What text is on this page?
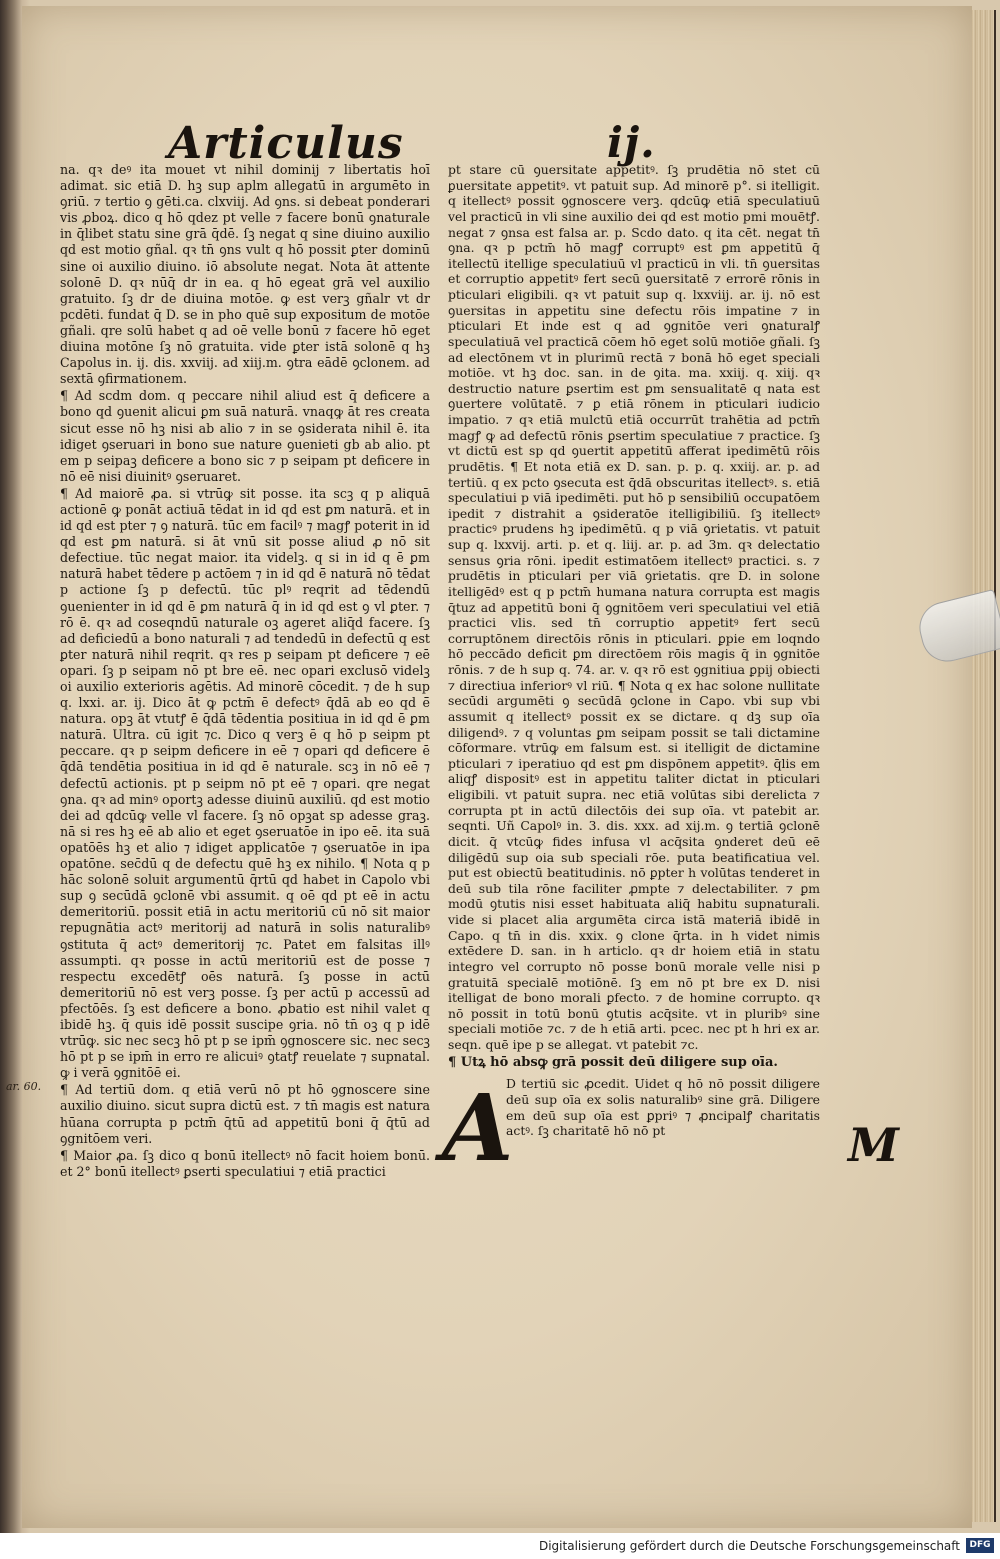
Articulus	ij.

na. qꝛ deꝰ ita mouet vt nihil dominij ⁊ libertatis hoī adimat. sic etiā D. hꝫ sup aplm allegatū in argumēto in ꝯriū. ⁊ tertio ꝯ gēti.ca. clxviij. Ad ꝯns. si debeat ponderari vis ꝓboꝝ. dico q hō qdez pt velle ⁊ facere bonū ꝯnaturale in q̄libet statu sine grā q̄dē. ſꝫ negat q sine diuino auxilio qd est motio gñal. qꝛ tn̄ ꝯns vult q hō possit ꝑter dominū sine oi auxilio diuino. iō absolute negat. Nota āt attente solonē D. qꝛ nūq̄ dr in ea. q hō egeat grā vel auxilio gratuito. ſꝫ dr de diuina motōe. ꝙ est verꝫ gñalr vt dr pcdēti. fundat q̄ D. se in pho quē sup expositum de motōe gñali. qre solū habet q ad oē velle bonū ⁊ facere hō eget diuina motōne ſꝫ nō gratuita. vide ꝑter istā solonē q hꝫ Capolus in. ij. dis. xxviij. ad xiij.m. ꝯtra eādē ꝯclonem. ad sextā ꝯfirmationem.

¶ Ad scdm dom. q peccare nihil aliud est q̄ deficere a bono qd ꝯuenit alicui ꝑm suā naturā. vnaqꝙ āt res creata sicut esse nō hꝫ nisi ab alio ⁊ in se ꝯsiderata nihil ē. ita idiget ꝯseruari in bono sue nature ꝯuenieti gb ab alio. pt em p seipaꝫ deficere a bono sic ⁊ p seipam pt deficere in nō eē nisi diuinitꝰ ꝯseruaret.

¶ Ad maiorē ꝓa. si vtrūꝙ sit posse. ita scꝫ q p aliquā actionē ꝙ ponāt actiuā tēdat in id qd est ꝑm naturā. et in id qd est pter ⁊ ꝯ naturā. tūc em facilꝰ ⁊ magꝭ poterit in id qd est ꝑm naturā. si āt vnū sit posse aliud ꝓ nō sit defectiue. tūc negat maior. ita videlꝫ. q si in id q ē ꝑm naturā habet tēdere p actōem ⁊ in id qd ē̄ naturā nō tēdat p actione ſꝫ p defectū. tūc plꝰ reqrit ad tēdendū ꝯuenienter in id qd ē ꝑm naturā q̄ in id qd est ꝯ vl ꝑter. ⁊ rō ē. qꝛ ad coseqndū naturale oꝫ ageret aliq̄d facere. ſꝫ ad deficiedū a bono naturali ⁊ ad tendedū in defectū q est ꝑter naturā nihil reqrit. qꝛ res p seipam pt deficere ⁊ eē opari. ſꝫ p seipam nō pt bre eē. nec opari exclusō videlꝫ oi auxilio exterioris agētis. Ad minorē cōcedit. ⁊ de h sup q. lxxi. ar. ij. Dico āt ꝙ pctm̄ ē defectꝰ q̄dā ab eo qd ē̄ natura. opꝫ āt vtutꝭ ē q̄dā tēdentia positiua in id qd ē ꝑm naturā. Ultra. cū igit ⁊c. Dico q verꝫ ē q hō p seipm pt peccare. qꝛ p seipm deficere in eē ⁊ opari qd deficere ē q̄dā tendētia positiua in id qd ē naturale. scꝫ in nō eē ⁊ defectū actionis. pt p seipm nō pt eē ⁊ opari. qre negat ꝯna. qꝛ ad minꝰ oportꝫ adesse diuinū auxiliū. qd est motio dei ad qdcūꝙ velle vl facere. ſꝫ nō opꝫat sp adesse graꝫ. nā si res hꝫ eē ab alio et eget ꝯseruatōe in ipo eē. ita suā opatōēs hꝫ et alio ⁊ idiget applicatōe ⁊ ꝯseruatōe in ipa opatōne. sec̄dū q de defectu quē hꝫ ex nihilo. ¶ Nota q p hāc solonē soluit argumentū q̄rtū qd habet in Capolo vbi sup ꝯ secūdā ꝯclonē vbi assumit. q oē qd pt eē in actu demeritoriū. possit etiā in actu meritoriū cū nō sit maior repugnātia actꝰ meritorij ad naturā in solis naturalibꝰ ꝯstituta q̄ actꝰ demeritorij ⁊c. Patet em falsitas illꝰ assumpti. qꝛ posse in actū meritoriū est de posse ⁊ respectu excedētꝭ oēs naturā. ſꝫ posse in actū demeritoriū nō est verꝫ posse. ſꝫ per actū p accessū ad pfectōēs. ſꝫ est deficere a bono. ꝓbatio est nihil valet q ibidē hꝫ. q̄ quis idē possit suscipe ꝯria. nō tn̄ oꝫ q p idē vtrūꝙ. sic nec secꝫ hō pt p se ipm̄ ꝯgnoscere sic. nec secꝫ hō pt p se ipm̄ in erro re alicuiꝰ ꝯtatꝭ reuelate ⁊ supnatal. ꝙ i verā ꝯgnitōē ei.

¶ Ad tertiū dom. q etiā verū nō pt hō ꝯgnoscere sine auxilio diuino. sicut supra dictū est. ⁊ tn̄ magis est natura hūana corrupta p pctm̄ q̄tū ad appetitū boni q̄ q̄tū ad ꝯgnitōem veri.

¶ Maior ꝓa. ſꝫ dico q bonū itellectꝰ nō facit hoiem bonū. et 2° bonū itellectꝰ ꝑserti speculatiui ⁊ etiā practici

pt stare cū ꝯuersitate appetitꝰ. ſꝫ prudētia nō stet cū ꝑuersitate appetitꝰ. vt patuit sup. Ad minorē p°. si itelligit. q itellectꝰ possit ꝯgnoscere verꝫ. qdcūꝙ etiā speculatiuū vel practicū in vli sine auxilio dei qd est motio pmi mouētꝭ. negat ⁊ ꝯnsa est falsa ar. p. Scdo dato. q ita cēt. negat tn̄ ꝯna. qꝛ p pctm̄ hō magꝭ corruptꝰ est ꝑm appetitū q̄ itellectū itellige speculatiuū vl practicū in vli. tn̄ ꝯuersitas et corruptio appetitꝰ fert secū ꝯuersitatē ⁊ errorē rōnis in pticulari eligibili. qꝛ vt patuit sup q. lxxviij. ar. ij. nō est ꝯuersitas in appetitu sine defectu rōis impatine ⁊ in pticulari Et inde est q ad ꝯgnitōe veri ꝯnaturalꝭ speculatiuā vel practicā cōem hō eget solū motiōe gñali. ſꝫ ad electōnem vt in plurimū rectā ⁊ bonā hō eget speciali motiōe. vt hꝫ doc. san. in de ꝯita. ma. xxiij. q. xiij. qꝛ destructio nature ꝑsertim est ꝑm sensualitatē q nata est ꝯuertere volūtatē. ⁊ ꝑ etiā rōnem in pticulari iudicio impatio. ⁊ qꝛ etiā mulctū etiā occurrūt trahētia ad pctm̄ magꝭ ꝙ ad defectū rōnis ꝑsertim speculatiue ⁊ practice. ſꝫ vt dictū est sp qd ꝯuertit appetitū afferat ipedimētū rōis prudētis. ¶ Et nota etiā ex D. san. p. p. q. xxiij. ar. p. ad tertiū. q ex pcto ꝯsecuta est q̄dā obscuritas itellectꝰ. s. etiā speculatiui p viā ipedimēti. put hō p sensibiliū occupatōem ipedit ⁊ distrahit a ꝯsideratōe itelligibiliū. ſꝫ itellectꝰ practicꝰ prudens hꝫ ipedimētū. q p viā ꝯrietatis. vt patuit sup q. lxxvij. arti. p. et q. liij. ar. p. ad 3m. qꝛ delectatio sensus ꝯria rōni. ipedit estimatōem itellectꝰ practici. s. ⁊ prudētis in pticulari per viā ꝯrietatis. qre D. in solone itelligēdꝰ est q p pctm̄ humana natura corrupta est magis q̄tuz ad appetitū boni q̄ ꝯgnitōem veri speculatiui vel etiā practici vlis. sed tn̄ corruptio appetitꝰ fert secū corruptōnem directōis rōnis in pticulari. ꝑpie em loqndo hō peccādo deficit ꝑm directōem rōis magis q̄ in ꝯgnitōe rōnis. ⁊ de h sup q. 74. ar. v. qꝛ rō est ꝯgnitiua ꝑpij obiecti ⁊ directiua inferiorꝰ vl riū. ¶ Nota q ex hac solone nullitate secūdi argumēti ꝯ secūdā ꝯclone in Capo. vbi sup vbi assumit q itellectꝰ possit ex se dictare. q dꝫ sup oīa diligendꝰ. ⁊ q voluntas ꝑm seipam possit se tali dictamine cōformare. vtrūꝙ em falsum est. si itelligit de dictamine pticulari ⁊ iperatiuo qd est ꝑm dispōnem appetitꝰ. q̄lis em aliqꝭ dispositꝰ est in appetitu taliter dictat in pticulari eligibili. vt patuit supra. nec etiā volūtas sibi derelicta ⁊ corrupta pt in actū dilectōis dei sup oīa. vt patebit ar. seqnti. Uñ Capolꝰ in. 3. dis. xxx. ad xij.m. ꝯ tertiā ꝯclonē dicit. q̄ vtcūꝙ fides infusa vl acq̄sita ꝯnderet deū eē diligēdū sup oia sub speciali rōe. puta beatificatiua vel. put est obiectū beatitudinis. nō ꝑpter h volūtas tenderet in deū sub tila rōne faciliter ꝓmpte ⁊ delectabiliter. ⁊ ꝑm modū ꝯtutis nisi esset habituata aliq̄ habitu supnaturali. vide si placet alia argumēta circa istā materiā ibidē in Capo. q tn̄ in dis. xxix. ꝯ clone q̄rta. in h videt nimis extēdere D. san. in h articlo. qꝛ dr hoiem etiā in statu integro vel corrupto nō posse bonū morale velle nisi p gratuitā specialē motiōnē. ſꝫ em nō pt bre ex D. nisi itelligat de bono morali ꝑfecto. ⁊ de homine corrupto. qꝛ nō possit in totū bonū ꝯtutis acq̄site. vt in pluribꝰ sine speciali motiōe ⁊c. ⁊ de h etiā arti. pcec. nec pt h hri ex ar. seqn. quē ipe p se allegat. vt patebit ⁊c.

¶ Utꝝ hō absꝙ grā possit deū diligere sup oīa.
A
D tertiū sic ꝓcedit. Uidet q hō nō possit diligere deū sup oīa ex solis naturalibꝰ sine grā. Diligere em deū sup oīa est ꝑpriꝰ ⁊ ꝓncipalꝭ charitatis actꝰ. ſꝫ charitatē hō nō pt
ar. 60.
M
Digitalisierung gefördert durch die Deutsche Forschungsgemeinschaft	DFG
